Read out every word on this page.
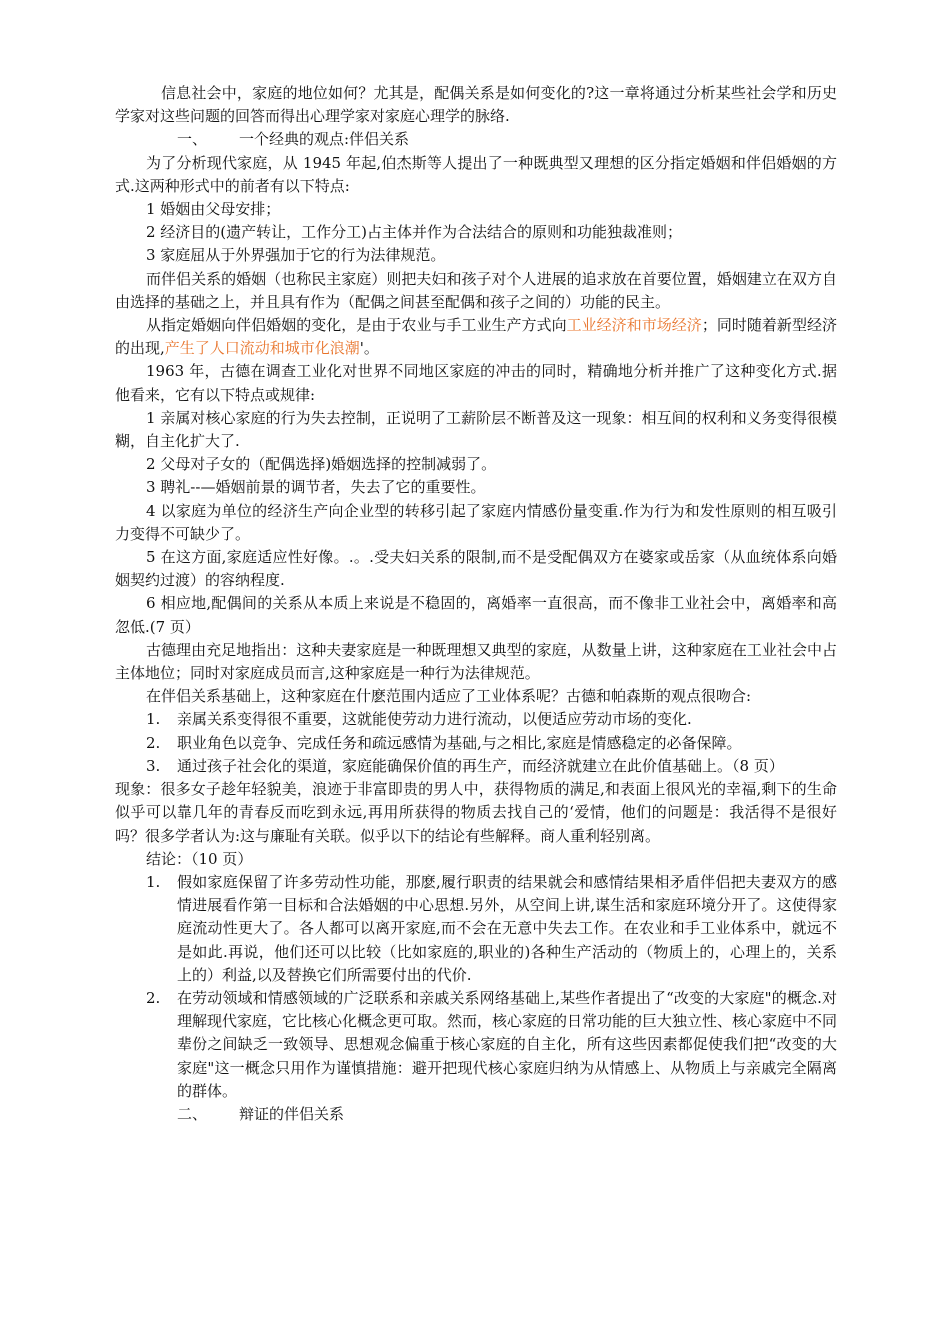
信息社会中，家庭的地位如何？尤其是，配偶关系是如何变化的?这一章将通过分析某些社会学和历史学家对这些问题的回答而得出心理学家对家庭心理学的脉络.

一、 一个经典的观点:伴侣关系

为了分析现代家庭，从 1945 年起,伯杰斯等人提出了一种既典型又理想的区分指定婚姻和伴侣婚姻的方式.这两种形式中的前者有以下特点:

1 婚姻由父母安排；

2 经济目的(遗产转让，工作分工)占主体并作为合法结合的原则和功能独裁准则；

3 家庭屈从于外界强加于它的行为法律规范。

而伴侣关系的婚姻（也称民主家庭）则把夫妇和孩子对个人进展的追求放在首要位置，婚姻建立在双方自由选择的基础之上，并且具有作为（配偶之间甚至配偶和孩子之间的）功能的民主。

从指定婚姻向伴侣婚姻的变化，是由于农业与手工业生产方式向工业经济和市场经济；同时随着新型经济的出现,产生了人口流动和城市化浪潮'。

1963 年，古德在调查工业化对世界不同地区家庭的冲击的同时，精确地分析并推广了这种变化方式.据他看来，它有以下特点或规律:

1 亲属对核心家庭的行为失去控制，正说明了工薪阶层不断普及这一现象：相互间的权利和义务变得很模糊，自主化扩大了.

2 父母对子女的（配偶选择)婚姻选择的控制减弱了。

3 聘礼--—婚姻前景的调节者，失去了它的重要性。

4 以家庭为单位的经济生产向企业型的转移引起了家庭内情感份量变重.作为行为和发性原则的相互吸引力变得不可缺少了。

5 在这方面,家庭适应性好像。.。.受夫妇关系的限制,而不是受配偶双方在婆家或岳家（从血统体系向婚姻契约过渡）的容纳程度.

6 相应地,配偶间的关系从本质上来说是不稳固的，离婚率一直很高，而不像非工业社会中，离婚率和高忽低.(7 页）

古德理由充足地指出：这种夫妻家庭是一种既理想又典型的家庭，从数量上讲，这种家庭在工业社会中占主体地位；同时对家庭成员而言,这种家庭是一种行为法律规范。

在伴侣关系基础上，这种家庭在什麽范围内适应了工业体系呢？古德和帕森斯的观点很吻合:

1.	亲属关系变得很不重要，这就能使劳动力进行流动，以便适应劳动市场的变化.
2.	职业角色以竞争、完成任务和疏远感情为基础,与之相比,家庭是情感稳定的必备保障。
3.	通过孩子社会化的渠道，家庭能确保价值的再生产，而经济就建立在此价值基础上。（8 页）

现象：很多女子趁年轻貌美，浪迹于非富即贵的男人中，获得物质的满足,和表面上很风光的幸福,剩下的生命似乎可以靠几年的青春反而吃到永远,再用所获得的物质去找自己的‘爱情，他们的问题是：我活得不是很好吗？很多学者认为:这与廉耻有关联。似乎以下的结论有些解释。商人重利轻别离。

结论：（10 页）

1.	假如家庭保留了许多劳动性功能，那麽,履行职责的结果就会和感情结果相矛盾伴侣把夫妻双方的感情进展看作第一目标和合法婚姻的中心思想.另外，从空间上讲,谋生活和家庭环境分开了。这使得家庭流动性更大了。各人都可以离开家庭,而不会在无意中失去工作。在农业和手工业体系中，就远不是如此.再说，他们还可以比较（比如家庭的,职业的)各种生产活动的（物质上的，心理上的，关系上的）利益,以及替换它们所需要付出的代价.
2.	在劳动领域和情感领域的广泛联系和亲戚关系网络基础上,某些作者提出了“改变的大家庭"的概念.对理解现代家庭，它比核心化概念更可取。然而，核心家庭的日常功能的巨大独立性、核心家庭中不同辈份之间缺乏一致领导、思想观念偏重于核心家庭的自主化，所有这些因素都促使我们把“改变的大家庭"这一概念只用作为谨慎措施：避开把现代核心家庭归纳为从情感上、从物质上与亲戚完全隔离的群体。

二、 辩证的伴侣关系
